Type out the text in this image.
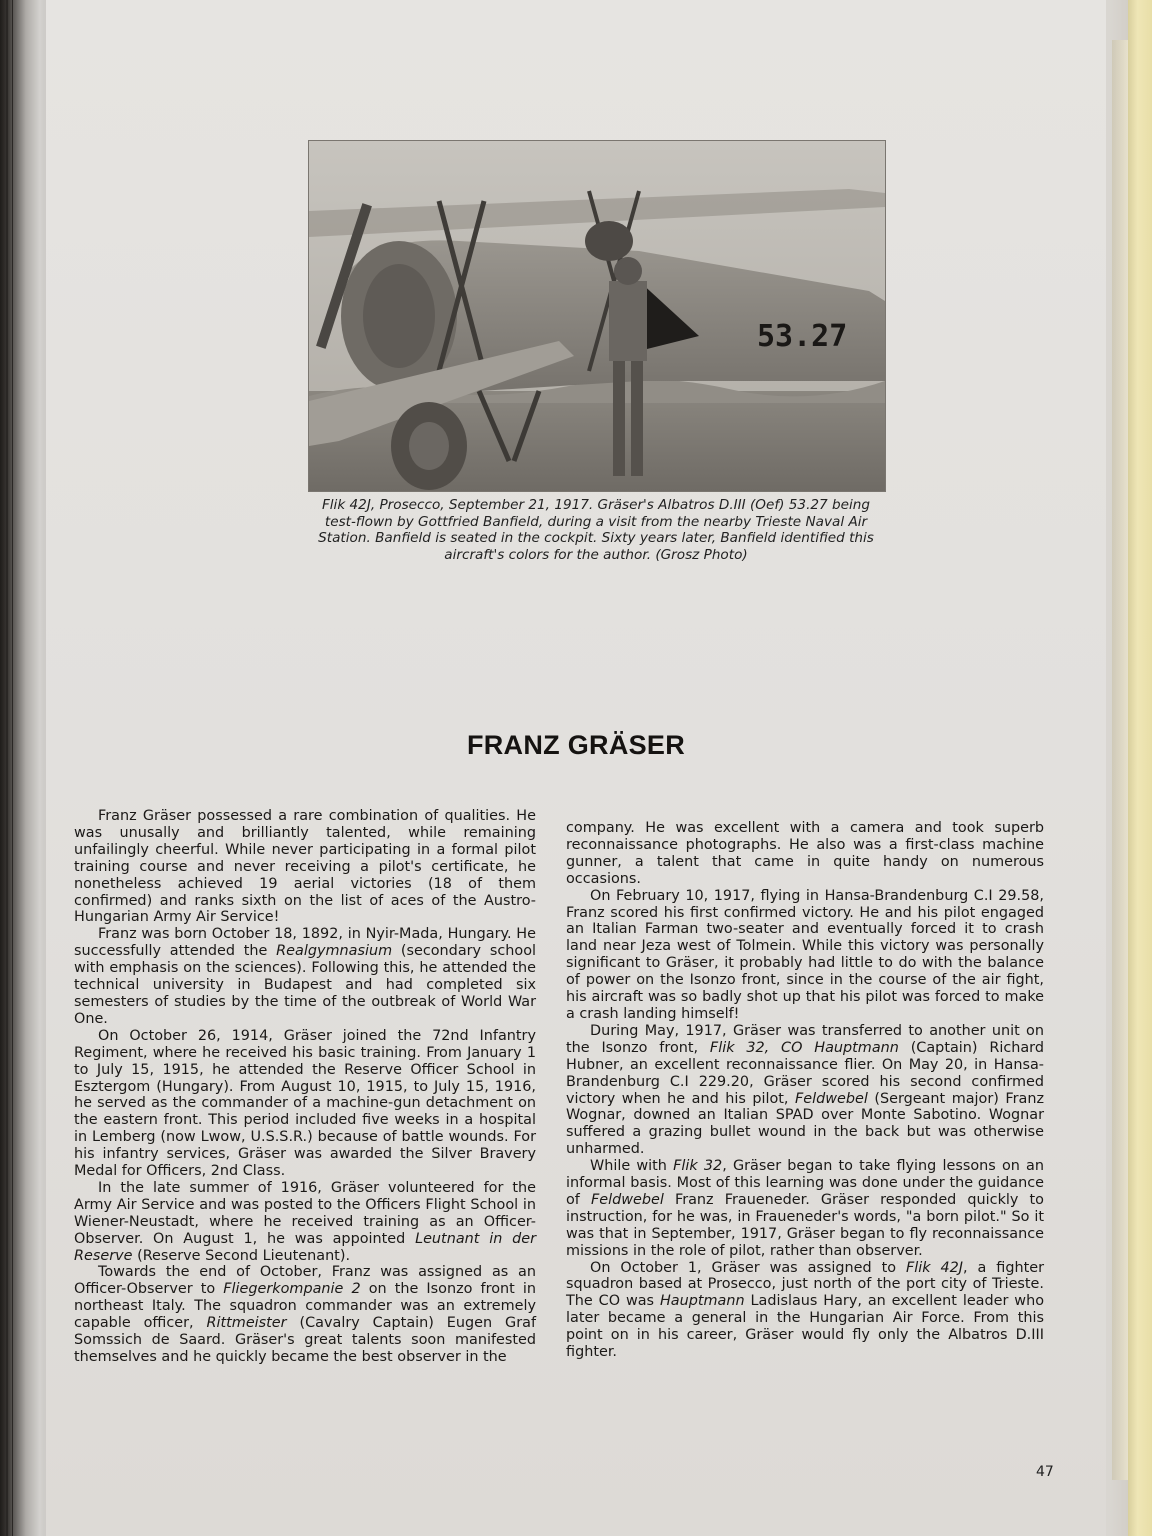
53.27
Flik 42J, Prosecco, September 21, 1917. Gräser's Albatros D.III (Oef) 53.27 being test-flown by Gottfried Banfield, during a visit from the nearby Trieste Naval Air Station. Banfield is seated in the cockpit. Sixty years later, Banfield identified this aircraft's colors for the author. (Grosz Photo)
FRANZ GRÄSER

Franz Gräser possessed a rare combination of qualities. He was unusally and brilliantly talented, while remaining unfailingly cheerful. While never participating in a formal pilot training course and never receiving a pilot's certificate, he nonetheless achieved 19 aerial victories (18 of them confirmed) and ranks sixth on the list of aces of the Austro-Hungarian Army Air Service!

Franz was born October 18, 1892, in Nyir-Mada, Hungary. He successfully attended the Realgymnasium (secondary school with emphasis on the sciences). Following this, he attended the technical university in Budapest and had completed six semesters of studies by the time of the outbreak of World War One.

On October 26, 1914, Gräser joined the 72nd Infantry Regiment, where he received his basic training. From January 1 to July 15, 1915, he attended the Reserve Officer School in Esztergom (Hungary). From August 10, 1915, to July 15, 1916, he served as the commander of a machine-gun detachment on the eastern front. This period included five weeks in a hospital in Lemberg (now Lwow, U.S.S.R.) because of battle wounds. For his infantry services, Gräser was awarded the Silver Bravery Medal for Officers, 2nd Class.

In the late summer of 1916, Gräser volunteered for the Army Air Service and was posted to the Officers Flight School in Wiener-Neustadt, where he received training as an Officer-Observer. On August 1, he was appointed Leutnant in der Reserve (Reserve Second Lieutenant).

Towards the end of October, Franz was assigned as an Officer-Observer to Fliegerkompanie 2 on the Isonzo front in northeast Italy. The squadron commander was an extremely capable officer, Rittmeister (Cavalry Captain) Eugen Graf Somssich de Saard. Gräser's great talents soon manifested themselves and he quickly became the best observer in the

company. He was excellent with a camera and took superb reconnaissance photographs. He also was a first-class machine gunner, a talent that came in quite handy on numerous occasions.

On February 10, 1917, flying in Hansa-Brandenburg C.I 29.58, Franz scored his first confirmed victory. He and his pilot engaged an Italian Farman two-seater and eventually forced it to crash land near Jeza west of Tolmein. While this victory was personally significant to Gräser, it probably had little to do with the balance of power on the Isonzo front, since in the course of the air fight, his aircraft was so badly shot up that his pilot was forced to make a crash landing himself!

During May, 1917, Gräser was transferred to another unit on the Isonzo front, Flik 32, CO Hauptmann (Captain) Richard Hubner, an excellent reconnaissance flier. On May 20, in Hansa-Brandenburg C.I 229.20, Gräser scored his second confirmed victory when he and his pilot, Feldwebel (Sergeant major) Franz Wognar, downed an Italian SPAD over Monte Sabotino. Wognar suffered a grazing bullet wound in the back but was otherwise unharmed.

While with Flik 32, Gräser began to take flying lessons on an informal basis. Most of this learning was done under the guidance of Feldwebel Franz Fraueneder. Gräser responded quickly to instruction, for he was, in Fraueneder's words, "a born pilot." So it was that in September, 1917, Gräser began to fly reconnaissance missions in the role of pilot, rather than observer.

On October 1, Gräser was assigned to Flik 42J, a fighter squadron based at Prosecco, just north of the port city of Trieste. The CO was Hauptmann Ladislaus Hary, an excellent leader who later became a general in the Hungarian Air Force. From this point on in his career, Gräser would fly only the Albatros D.III fighter.

47
